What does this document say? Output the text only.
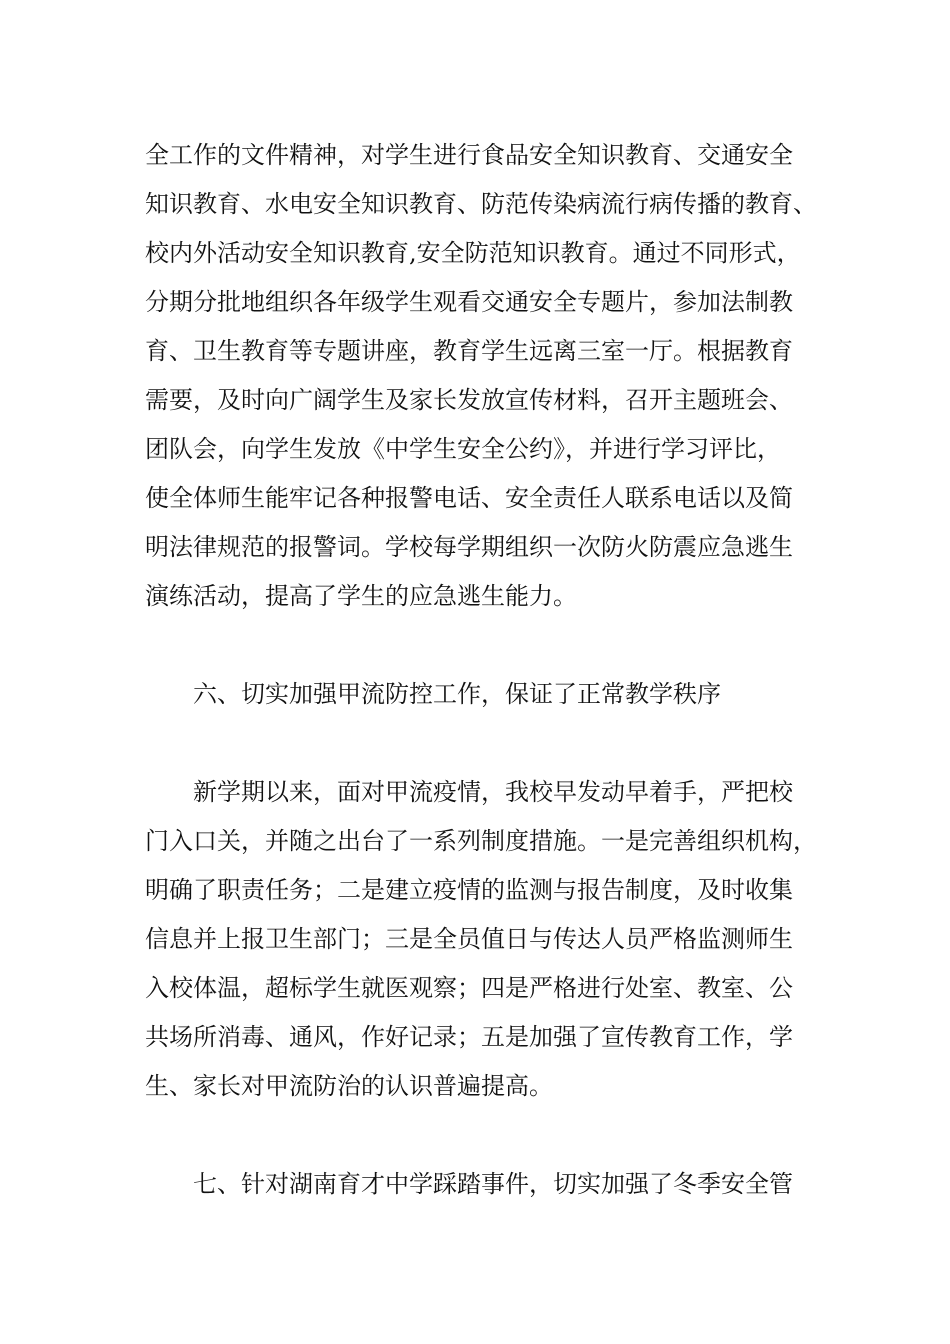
全工作的文件精神，对学生进行食品安全知识教育、交通安全
知识教育、水电安全知识教育、防范传染病流行病传播的教育、
校内外活动安全知识教育,安全防范知识教育。通过不同形式，
分期分批地组织各年级学生观看交通安全专题片，参加法制教
育、卫生教育等专题讲座，教育学生远离三室一厅。根据教育
需要，及时向广阔学生及家长发放宣传材料，召开主题班会、
团队会，向学生发放《中学生安全公约》，并进行学习评比，
使全体师生能牢记各种报警电话、安全责任人联系电话以及简
明法律规范的报警词。学校每学期组织一次防火防震应急逃生
演练活动，提高了学生的应急逃生能力。
六、切实加强甲流防控工作，保证了正常教学秩序
新学期以来，面对甲流疫情，我校早发动早着手，严把校
门入口关，并随之出台了一系列制度措施。一是完善组织机构，
明确了职责任务；二是建立疫情的监测与报告制度，及时收集
信息并上报卫生部门；三是全员值日与传达人员严格监测师生
入校体温，超标学生就医观察；四是严格进行处室、教室、公
共场所消毒、通风，作好记录；五是加强了宣传教育工作，学
生、家长对甲流防治的认识普遍提高。
七、针对湖南育才中学踩踏事件，切实加强了冬季安全管
